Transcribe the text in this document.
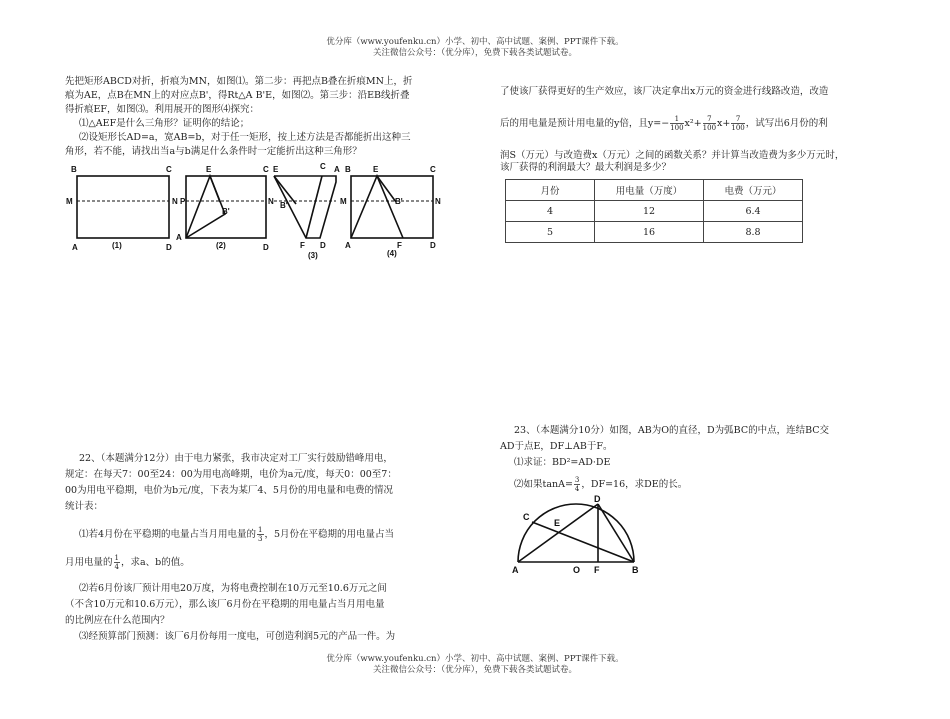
优分库（www.youfenku.cn）小学、初中、高中试题、案例、PPT课件下载。
关注微信公众号：（优分库），免费下载各类试题试卷。
先把矩形ABCD对折，折痕为MN，如图⑴。第二步：再把点B叠在折痕MN上，折
痕为AE，点B在MN上的对应点B'，得Rt△A B'E，如图⑵。第三步：沿EB线折叠
得折痕EF，如图⑶。利用展开的图形⑷探究：
⑴△AEF是什么三角形？证明你的结论；
⑵设矩形长AD=a，宽AB=b，对于任一矩形，按上述方法是否都能折出这种三
角形，若不能，请找出当a与b满足什么条件时一定能折出这种三角形？
B	C
M	N
A	D
(1)
E	C
P	N
B'
A
D
(2)
E	C A
B'
F D
(3)
B	E	C
M	N
B'
A	F	D
(4)
22、（本题满分12分）由于电力紧张，我市决定对工厂实行鼓励错峰用电，
规定：在每天7：00至24：00为用电高峰期，电价为a元/度，每天0：00至7：
00为用电平稳期，电价为b元/度，下表为某厂4、5月份的用电量和电费的情况
统计表：
⑴若4月份在平稳期的电量占当月用电量的 $\frac{1}{3}$ ，5月份在平稳期的用电量占当
月用电量的 $\frac{1}{4}$ ，求a、b的值。
⑵若6月份该厂预计用电20万度，为将电费控制在10万元至10.6万元之间
（不含10万元和10.6万元），那么该厂6月份在平稳期的用电量占当月用电量
的比例应在什么范围内？
⑶经预算部门预测：该厂6月份每用一度电，可创造利润5元的产品一件。为
了使该厂获得更好的生产效应，该厂决定拿出x万元的资金进行线路改造，改造
后的用电量是预计用电量的y倍，且$y=- \frac{1}{100} x^2+ \frac{7}{100} x+ \frac{7}{100}$ ，试写出6月份的利
润S（万元）与改造费x（万元）之间的函数关系？并计算当改造费为多少万元时，
该厂获得的利润最大？最大利润是多少？
月份	用电量（万度）	电费（万元）
4	12	6.4
5	16	8.8
23、（本题满分10分）如图，AB为O的直径，D为弧BC的中点，连结BC交
AD于点E，DF⊥AB于F。
⑴求证：BD²=AD·DE
⑵如果$\tan A= \frac{3}{4}$ ，DF=16，求DE的长。
A	O F	B
C
E
D
优分库（www.youfenku.cn）小学、初中、高中试题、案例、PPT课件下载。
关注微信公众号：（优分库），免费下载各类试题试卷。
